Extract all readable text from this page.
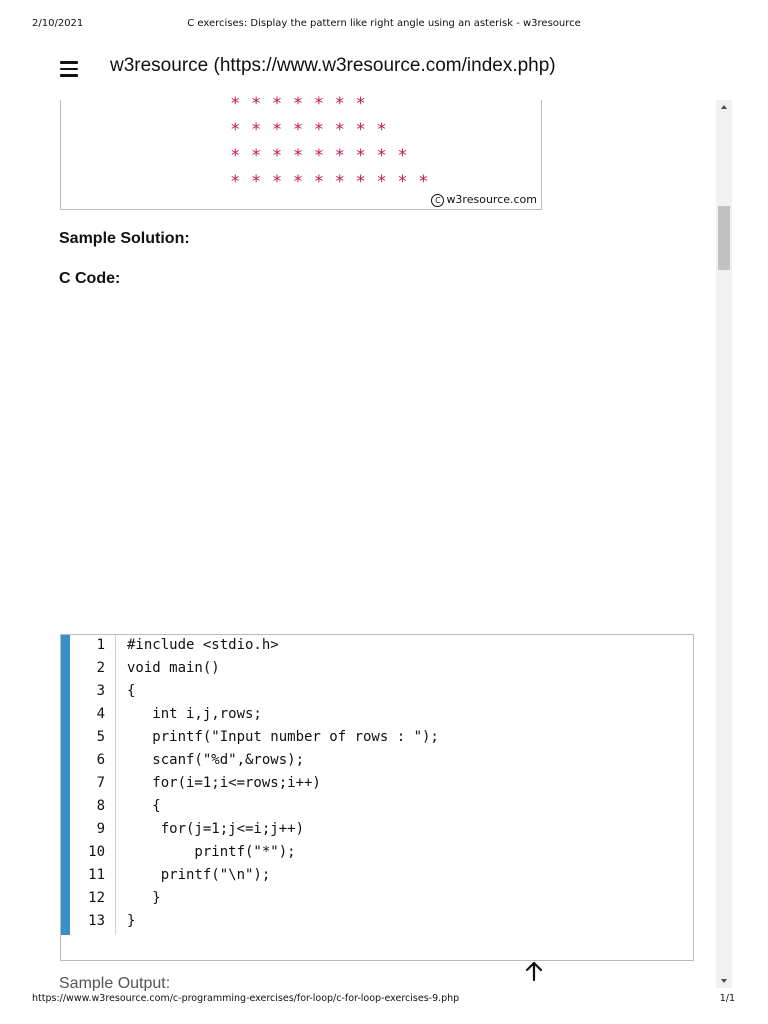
2/10/2021	C exercises: Display the pattern like right angle using an asterisk - w3resource
w3resource (https://www.w3resource.com/index.php)
* * * * * * *
* * * * * * * *
* * * * * * * * *
* * * * * * * * * *
C w3resource.com
Sample Solution:
C Code:
1 #include <stdio.h>
2 void main()
3 {
4 int i,j,rows;
5 printf("Input number of rows : ");
6 scanf("%d",&rows);
7 for(i=1;i<=rows;i++)
8 {
9 for(j=1;j<=i;j++)
10 printf("*");
11 printf("\n");
12 }
13 }
Sample Output:
https://www.w3resource.com/c-programming-exercises/for-loop/c-for-loop-exercises-9.php	1/1
